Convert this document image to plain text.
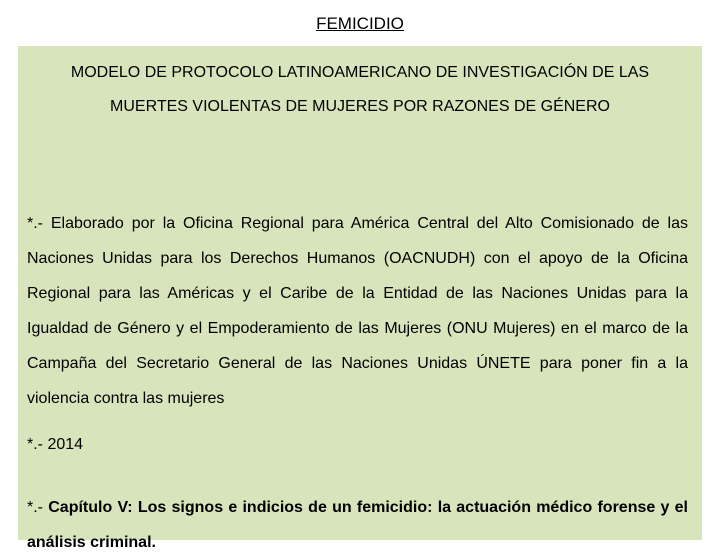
FEMICIDIO
MODELO DE PROTOCOLO LATINOAMERICANO DE INVESTIGACIÓN DE LAS
MUERTES VIOLENTAS DE MUJERES POR RAZONES DE GÉNERO
*.- Elaborado por la Oficina Regional para América Central del Alto Comisionado de las Naciones Unidas para los Derechos Humanos (OACNUDH) con el apoyo de la Oficina Regional para las Américas y el Caribe de la Entidad de las Naciones Unidas para la Igualdad de Género y el Empoderamiento de las Mujeres (ONU Mujeres) en el marco de la Campaña del Secretario General de las Naciones Unidas ÚNETE para poner fin a la violencia contra las mujeres
*.- 2014
*.- Capítulo V: Los signos e indicios de un femicidio: la actuación médico forense y el análisis criminal.
